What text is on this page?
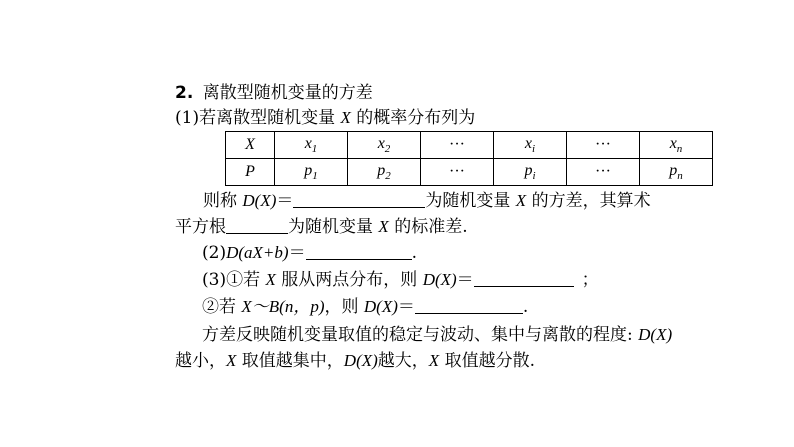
2. 离散型随机变量的方差
(1)若离散型随机变量 X 的概率分布列为
X	$x_1$	$x_2$	···	$x_i$	···	$x_n$
P	$p_1$	$p_2$	···	$p_i$	···	$p_n$
则称 D(X)＝	为随机变量 X 的方差，其算术
平方根	为随机变量 X 的标准差.
(2)D(aX+b)＝	.
(3)①若 X 服从两点分布，则 D(X)＝	；
②若 X～B(n，p)，则 D(X)＝	.
方差反映随机变量取值的稳定与波动、集中与离散的程度: D(X)
越小，X 取值越集中，D(X)越大，X 取值越分散.
